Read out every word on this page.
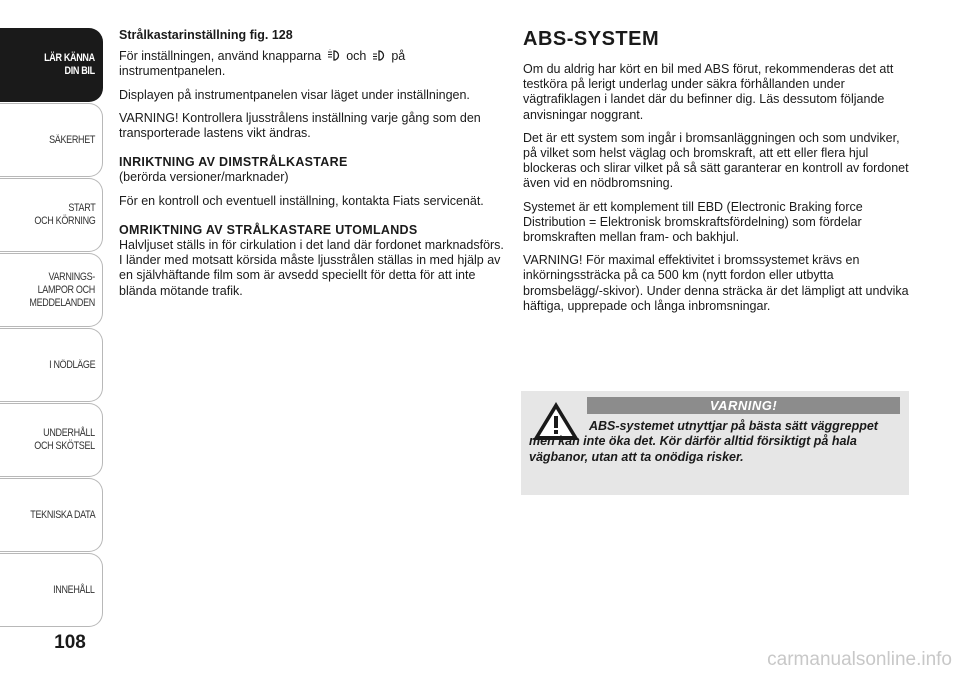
LÄR KÄNNA
DIN BIL
SÄKERHET
START
OCH KÖRNING
VARNINGS-
LAMPOR OCH
MEDDELANDEN
I NÖDLÄGE
UNDERHÅLL
OCH SKÖTSEL
TEKNISKA DATA
INNEHÅLL
108
Strålkastarinställning fig. 128

För inställningen, använd knapparna och på instrumentpanelen.

Displayen på instrumentpanelen visar läget under inställningen.

VARNING! Kontrollera ljusstrålens inställning varje gång som den transporterade lastens vikt ändras.

INRIKTNING AV DIMSTRÅLKASTARE

(berörda versioner/marknader)

För en kontroll och eventuell inställning, kontakta Fiats servicenät.

OMRIKTNING AV STRÅLKASTARE UTOMLANDS

Halvljuset ställs in för cirkulation i det land där fordonet marknadsförs. I länder med motsatt körsida måste ljusstrålen ställas in med hjälp av en självhäftande film som är avsedd speciellt för detta för att inte blända mötande trafik.

ABS-SYSTEM

Om du aldrig har kört en bil med ABS förut, rekommenderas det att testköra på lerigt underlag under säkra förhållanden under vägtrafiklagen i landet där du befinner dig. Läs dessutom följande anvisningar noggrant.

Det är ett system som ingår i bromsanläggningen och som undviker, på vilket som helst väglag och bromskraft, att ett eller flera hjul blockeras och slirar vilket på så sätt garanterar en kontroll av fordonet även vid en nödbromsning.

Systemet är ett komplement till EBD (Electronic Braking force Distribution = Elektronisk bromskraftsfördelning) som fördelar bromskraften mellan fram- och bakhjul.

VARNING! För maximal effektivitet i bromssystemet krävs en inkörningssträcka på ca 500 km (nytt fordon eller utbytta bromsbelägg/-skivor). Under denna sträcka är det lämpligt att undvika häftiga, upprepade och långa inbromsningar.

VARNING!
ABS-systemet utnyttjar på bästa sätt väggreppet men kan inte öka det. Kör därför alltid försiktigt på hala vägbanor, utan att ta onödiga risker.
carmanualsonline.info
